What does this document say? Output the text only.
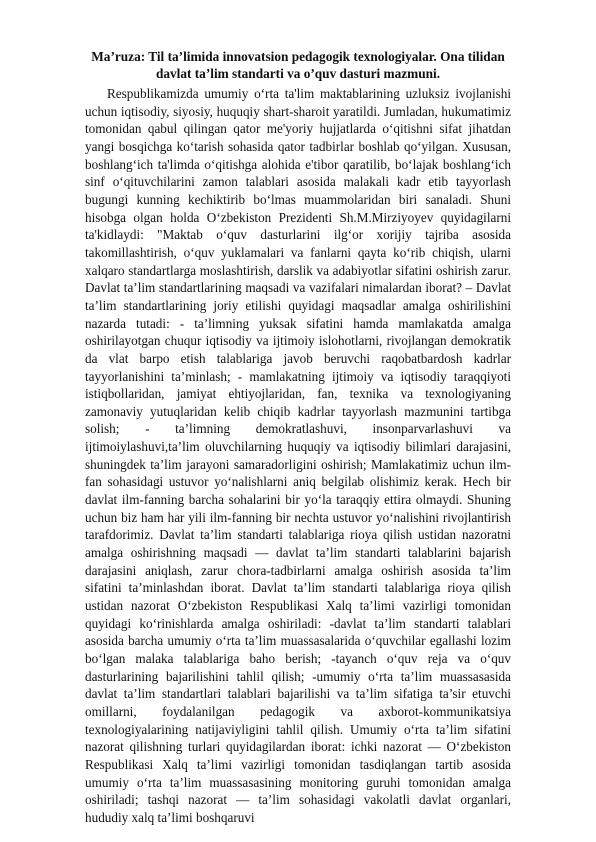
Ma’ruza: Til ta’limida innovatsion pedagogik texnologiyalar. Ona tilidan
davlat ta’lim standarti va o’quv dasturi mazmuni.

Respublikamizda umumiy o‘rta ta'lim maktablarining uzluksiz ivojlanishi uchun iqtisodiy, siyosiy, huquqiy shart-sharoit yaratildi. Jumladan, hukumatimiz tomonidan qabul qilingan qator me'yoriy hujjatlarda o‘qitishni sifat jihatdan yangi bosqichga ko‘tarish sohasida qator tadbirlar boshlab qo‘yilgan. Xususan, boshlang‘ich ta'limda o‘qitishga alohida e'tibor qaratilib, bo‘lajak boshlang‘ich sinf o‘qituvchilarini zamon talablari asosida malakali kadr etib tayyorlash bugungi kunning kechiktirib bo‘lmas muammolaridan biri sanaladi. Shuni hisobga olgan holda O‘zbekiston Prezidenti Sh.M.Mirziyoyev quyidagilarni ta'kidlaydi: "Maktab o‘quv dasturlarini ilg‘or xorijiy tajriba asosida takomillashtirish, o‘quv yuklamalari va fanlarni qayta ko‘rib chiqish, ularni xalqaro standartlarga moslashtirish, darslik va adabiyotlar sifatini oshirish zarur. Davlat ta’lim standartlarining maqsadi va vazifalari nimalardan iborat? – Davlat ta’lim standartlarining joriy etilishi quyidagi maqsadlar amalga oshirilishini nazarda tutadi: - ta’limning yuksak sifatini hamda mamlakatda amalga oshirilayotgan chuqur iqtisodiy va ijtimoiy islohotlarni, rivojlangan demokratik da vlat barpo etish talablariga javob beruvchi raqobatbardosh kadrlar tayyorlanishini ta’minlash; - mamlakatning ijtimoiy va iqtisodiy taraqqiyoti istiqbollaridan, jamiyat ehtiyojlaridan, fan, texnika va texnologiyaning zamonaviy yutuqlaridan kelib chiqib kadrlar tayyorlash mazmunini tartibga solish; - ta’limning demokratlashuvi, insonparvarlashuvi va ijtimoiylashuvi,ta’lim oluvchilarning huquqiy va iqtisodiy bilimlari darajasini, shuningdek ta’lim jarayoni samaradorligini oshirish; Mamlakatimiz uchun ilm-fan sohasidagi ustuvor yo‘nalishlarni aniq belgilab olishimiz kerak. Hech bir davlat ilm-fanning barcha sohalarini bir yo‘la taraqqiy ettira olmaydi. Shuning uchun biz ham har yili ilm-fanning bir nechta ustuvor yo‘nalishini rivojlantirish tarafdorimiz. Davlat ta’lim standarti talablariga rioya qilish ustidan nazoratni amalga oshirishning maqsadi — davlat ta’lim standarti talablarini bajarish darajasini aniqlash, zarur chora-tadbirlarni amalga oshirish asosida ta’lim sifatini ta’minlashdan iborat. Davlat ta’lim standarti talablariga rioya qilish ustidan nazorat O‘zbekiston Respublikasi Xalq ta’limi vazirligi tomonidan quyidagi ko‘rinishlarda amalga oshiriladi: -davlat ta’lim standarti talablari asosida barcha umumiy o‘rta ta’lim muassasalarida o‘quvchilar egallashi lozim bo‘lgan malaka talablariga baho berish; -tayanch o‘quv reja va o‘quv dasturlarining bajarilishini tahlil qilish; -umumiy o‘rta ta’lim muassasasida davlat ta’lim standartlari talablari bajarilishi va ta’lim sifatiga ta’sir etuvchi omillarni, foydalanilgan pedagogik va axborot-kommunikatsiya texnologiyalarining natijaviyligini tahlil qilish. Umumiy o‘rta ta’lim sifatini nazorat qilishning turlari quyidagilardan iborat: ichki nazorat — O‘zbekiston Respublikasi Xalq ta’limi vazirligi tomonidan tasdiqlangan tartib asosida umumiy o‘rta ta’lim muassasasining monitoring guruhi tomonidan amalga oshiriladi; tashqi nazorat — ta’lim sohasidagi vakolatli davlat organlari, hududiy xalq ta’limi boshqaruvi
